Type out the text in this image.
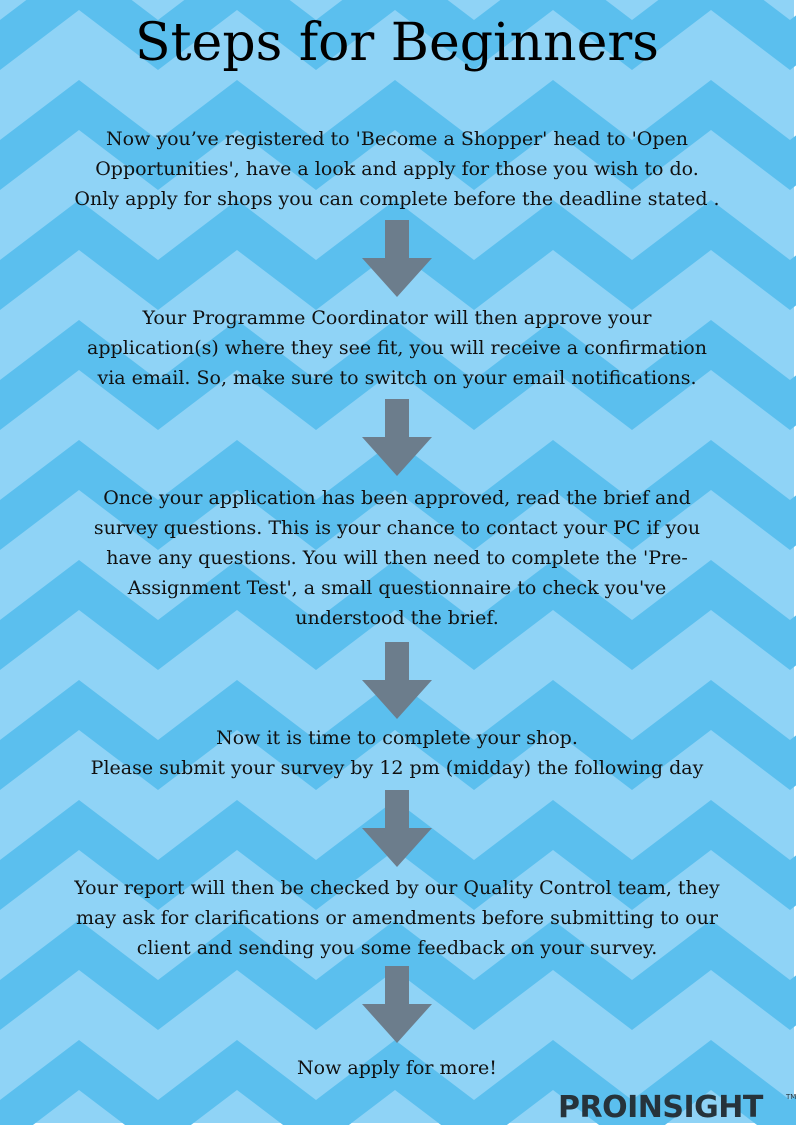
Steps for Beginners
Now you’ve registered to 'Become a Shopper' head to 'Open
Opportunities', have a look and apply for those you wish to do.
Only apply for shops you can complete before the deadline stated .
Your Programme Coordinator will then approve your
application(s) where they see fit, you will receive a confirmation
via email. So, make sure to switch on your email notifications.
Once your application has been approved, read the brief and
survey questions. This is your chance to contact your PC if you
have any questions. You will then need to complete the 'Pre-
Assignment Test', a small questionnaire to check you've
understood the brief.
Now it is time to complete your shop.
Please submit your survey by 12 pm (midday) the following day
Your report will then be checked by our Quality Control team, they
may ask for clarifications or amendments before submitting to our
client and sending you some feedback on your survey.
Now apply for more!
PROINSIGHT	TM
